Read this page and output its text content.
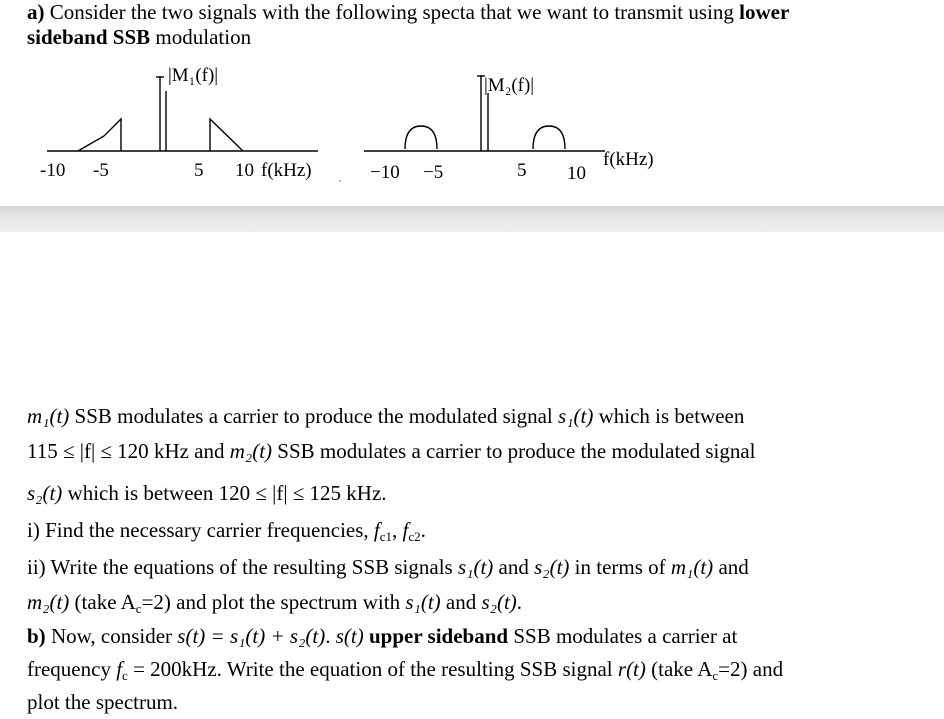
a) Consider the two signals with the following specta that we want to transmit using lower
sideband SSB modulation
|M₁(f)|
-10 -5	5 10 f(kHz)
|M₂(f)|
−10 −5	5 10
f(kHz)
m₁(t) SSB modulates a carrier to produce the modulated signal s₁(t) which is between
115 ≤ |f| ≤ 120 kHz and m₂(t) SSB modulates a carrier to produce the modulated signal
s₂(t) which is between 120 ≤ |f| ≤ 125 kHz.
i) Find the necessary carrier frequencies, $f_{c1}$, $f_{c2}$.
ii) Write the equations of the resulting SSB signals s₁(t) and s₂(t) in terms of m₁(t) and
m₂(t) (take $A_c=2$) and plot the spectrum with s₁(t) and s₂(t).
b) Now, consider s(t) = s₁(t) + s₂(t). s(t) upper sideband SSB modulates a carrier at
frequency $f_c = 200kHz$. Write the equation of the resulting SSB signal r(t) (take $A_c=2$) and
plot the spectrum.
